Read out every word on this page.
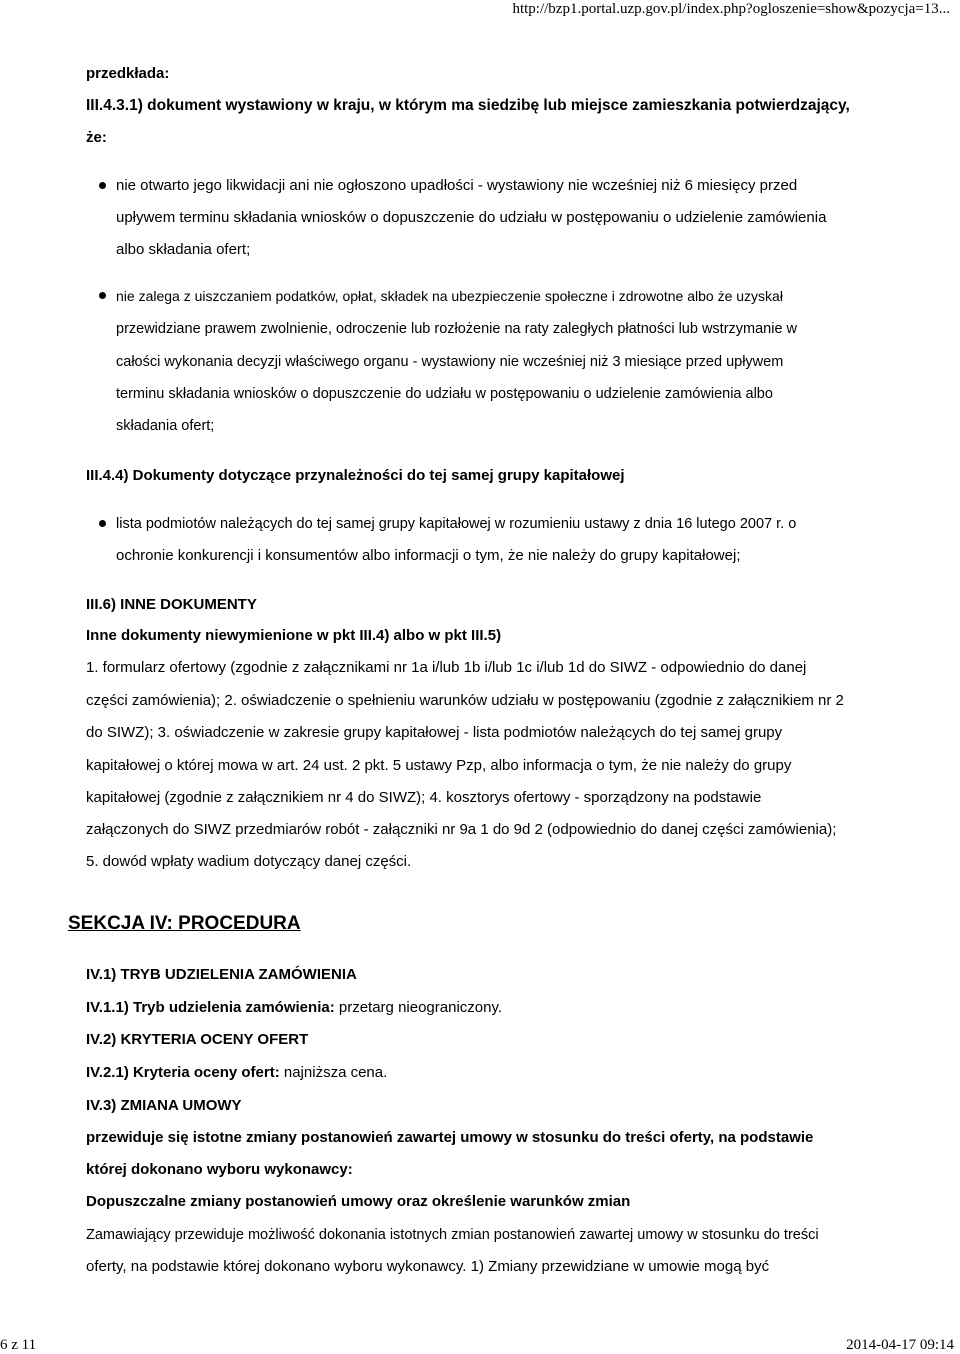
http://bzp1.portal.uzp.gov.pl/index.php?ogloszenie=show&pozycja=13...
przedkłada:
III.4.3.1) dokument wystawiony w kraju, w którym ma siedzibę lub miejsce zamieszkania potwierdzający,
że:
nie otwarto jego likwidacji ani nie ogłoszono upadłości - wystawiony nie wcześniej niż 6 miesięcy przed
upływem terminu składania wniosków o dopuszczenie do udziału w postępowaniu o udzielenie zamówienia
albo składania ofert;
nie zalega z uiszczaniem podatków, opłat, składek na ubezpieczenie społeczne i zdrowotne albo że uzyskał
przewidziane prawem zwolnienie, odroczenie lub rozłożenie na raty zaległych płatności lub wstrzymanie w
całości wykonania decyzji właściwego organu - wystawiony nie wcześniej niż 3 miesiące przed upływem
terminu składania wniosków o dopuszczenie do udziału w postępowaniu o udzielenie zamówienia albo
składania ofert;
III.4.4) Dokumenty dotyczące przynależności do tej samej grupy kapitałowej
lista podmiotów należących do tej samej grupy kapitałowej w rozumieniu ustawy z dnia 16 lutego 2007 r. o
ochronie konkurencji i konsumentów albo informacji o tym, że nie należy do grupy kapitałowej;
III.6) INNE DOKUMENTY
Inne dokumenty niewymienione w pkt III.4) albo w pkt III.5)
1. formularz ofertowy (zgodnie z załącznikami nr 1a i/lub 1b i/lub 1c i/lub 1d do SIWZ - odpowiednio do danej
części zamówienia); 2. oświadczenie o spełnieniu warunków udziału w postępowaniu (zgodnie z załącznikiem nr 2
do SIWZ); 3. oświadczenie w zakresie grupy kapitałowej - lista podmiotów należących do tej samej grupy
kapitałowej o której mowa w art. 24 ust. 2 pkt. 5 ustawy Pzp, albo informacja o tym, że nie należy do grupy
kapitałowej (zgodnie z załącznikiem nr 4 do SIWZ); 4. kosztorys ofertowy - sporządzony na podstawie
załączonych do SIWZ przedmiarów robót - załączniki nr 9a 1 do 9d 2 (odpowiednio do danej części zamówienia);
5. dowód wpłaty wadium dotyczący danej części.
SEKCJA IV: PROCEDURA
IV.1) TRYB UDZIELENIA ZAMÓWIENIA
IV.1.1) Tryb udzielenia zamówienia: przetarg nieograniczony.
IV.2) KRYTERIA OCENY OFERT
IV.2.1) Kryteria oceny ofert: najniższa cena.
IV.3) ZMIANA UMOWY
przewiduje się istotne zmiany postanowień zawartej umowy w stosunku do treści oferty, na podstawie
której dokonano wyboru wykonawcy:
Dopuszczalne zmiany postanowień umowy oraz określenie warunków zmian
Zamawiający przewiduje możliwość dokonania istotnych zmian postanowień zawartej umowy w stosunku do treści
oferty, na podstawie której dokonano wyboru wykonawcy. 1) Zmiany przewidziane w umowie mogą być
6 z 11	2014-04-17 09:14
